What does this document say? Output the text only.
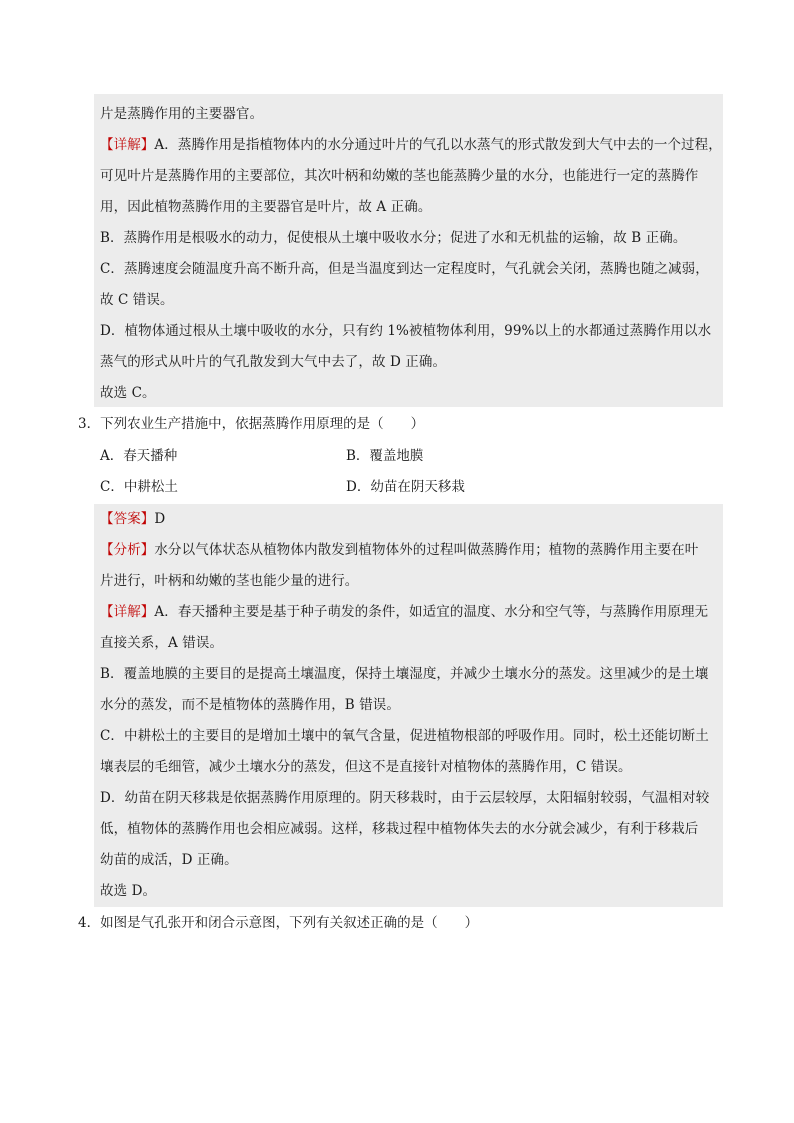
片是蒸腾作用的主要器官。
【详解】A．蒸腾作用是指植物体内的水分通过叶片的气孔以水蒸气的形式散发到大气中去的一个过程，
可见叶片是蒸腾作用的主要部位，其次叶柄和幼嫩的茎也能蒸腾少量的水分，也能进行一定的蒸腾作
用，因此植物蒸腾作用的主要器官是叶片，故 A 正确。
B．蒸腾作用是根吸水的动力，促使根从土壤中吸收水分；促进了水和无机盐的运输，故 B 正确。
C．蒸腾速度会随温度升高不断升高，但是当温度到达一定程度时，气孔就会关闭，蒸腾也随之减弱，
故 C 错误。
D．植物体通过根从土壤中吸收的水分，只有约 1%被植物体利用，99%以上的水都通过蒸腾作用以水
蒸气的形式从叶片的气孔散发到大气中去了，故 D 正确。
故选 C。
3．下列农业生产措施中，依据蒸腾作用原理的是（　　）
A．春天播种	B．覆盖地膜
C．中耕松土	D．幼苗在阴天移栽
【答案】D
【分析】水分以气体状态从植物体内散发到植物体外的过程叫做蒸腾作用；植物的蒸腾作用主要在叶
片进行，叶柄和幼嫩的茎也能少量的进行。
【详解】A．春天播种主要是基于种子萌发的条件，如适宜的温度、水分和空气等，与蒸腾作用原理无
直接关系，A 错误。
B．覆盖地膜的主要目的是提高土壤温度，保持土壤湿度，并减少土壤水分的蒸发。这里减少的是土壤
水分的蒸发，而不是植物体的蒸腾作用，B 错误。
C．中耕松土的主要目的是增加土壤中的氧气含量，促进植物根部的呼吸作用。同时，松土还能切断土
壤表层的毛细管，减少土壤水分的蒸发，但这不是直接针对植物体的蒸腾作用，C 错误。
D．幼苗在阴天移栽是依据蒸腾作用原理的。阴天移栽时，由于云层较厚，太阳辐射较弱，气温相对较
低，植物体的蒸腾作用也会相应减弱。这样，移栽过程中植物体失去的水分就会减少，有利于移栽后
幼苗的成活，D 正确。
故选 D。
4．如图是气孔张开和闭合示意图，下列有关叙述正确的是（　　）
